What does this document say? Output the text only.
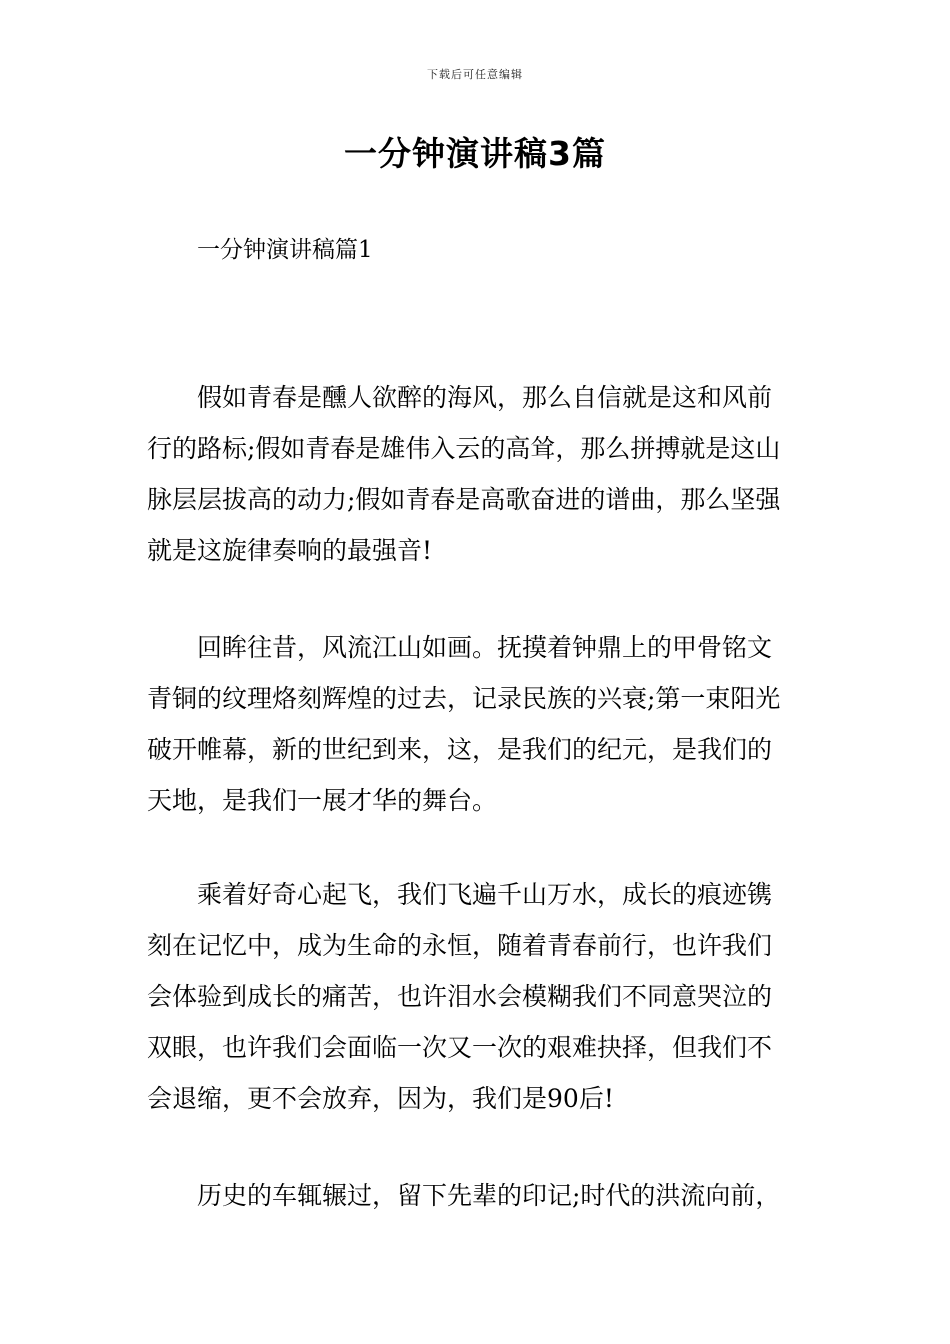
下载后可任意编辑
一分钟演讲稿3篇
一分钟演讲稿篇1
假如青春是醺人欲醉的海风，那么自信就是这和风前
行的路标;假如青春是雄伟入云的高耸，那么拼搏就是这山
脉层层拔高的动力;假如青春是高歌奋进的谱曲，那么坚强
就是这旋律奏响的最强音!
回眸往昔，风流江山如画。抚摸着钟鼎上的甲骨铭文
青铜的纹理烙刻辉煌的过去，记录民族的兴衰;第一束阳光
破开帷幕，新的世纪到来，这，是我们的纪元，是我们的
天地，是我们一展才华的舞台。
乘着好奇心起飞，我们飞遍千山万水，成长的痕迹镌
刻在记忆中，成为生命的永恒，随着青春前行，也许我们
会体验到成长的痛苦，也许泪水会模糊我们不同意哭泣的
双眼，也许我们会面临一次又一次的艰难抉择，但我们不
会退缩，更不会放弃，因为，我们是90后!
历史的车辄辗过，留下先辈的印记;时代的洪流向前，
